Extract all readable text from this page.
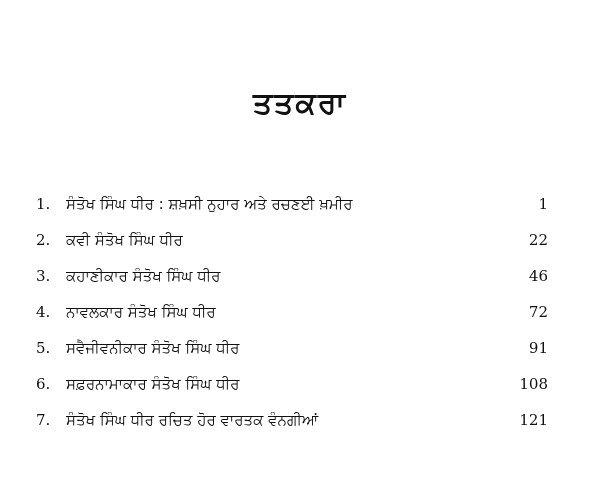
ਤਤਕਰਾ
1.	ਸੰਤੋਖ ਸਿੰਘ ਧੀਰ : ਸ਼ਖ਼ਸੀ ਨੁਹਾਰ ਅਤੇ ਰਚਣਈ ਖ਼ਮੀਰ	1
2.	ਕਵੀ ਸੰਤੋਖ ਸਿੰਘ ਧੀਰ	22
3.	ਕਹਾਣੀਕਾਰ ਸੰਤੋਖ ਸਿੰਘ ਧੀਰ	46
4.	ਨਾਵਲਕਾਰ ਸੰਤੋਖ ਸਿੰਘ ਧੀਰ	72
5.	ਸਵੈਜੀਵਨੀਕਾਰ ਸੰਤੋਖ ਸਿੰਘ ਧੀਰ	91
6.	ਸਫ਼ਰਨਾਮਾਕਾਰ ਸੰਤੋਖ ਸਿੰਘ ਧੀਰ	108
7.	ਸੰਤੋਖ ਸਿੰਘ ਧੀਰ ਰਚਿਤ ਹੋਰ ਵਾਰਤਕ ਵੰਨਗੀਆਂ	121
